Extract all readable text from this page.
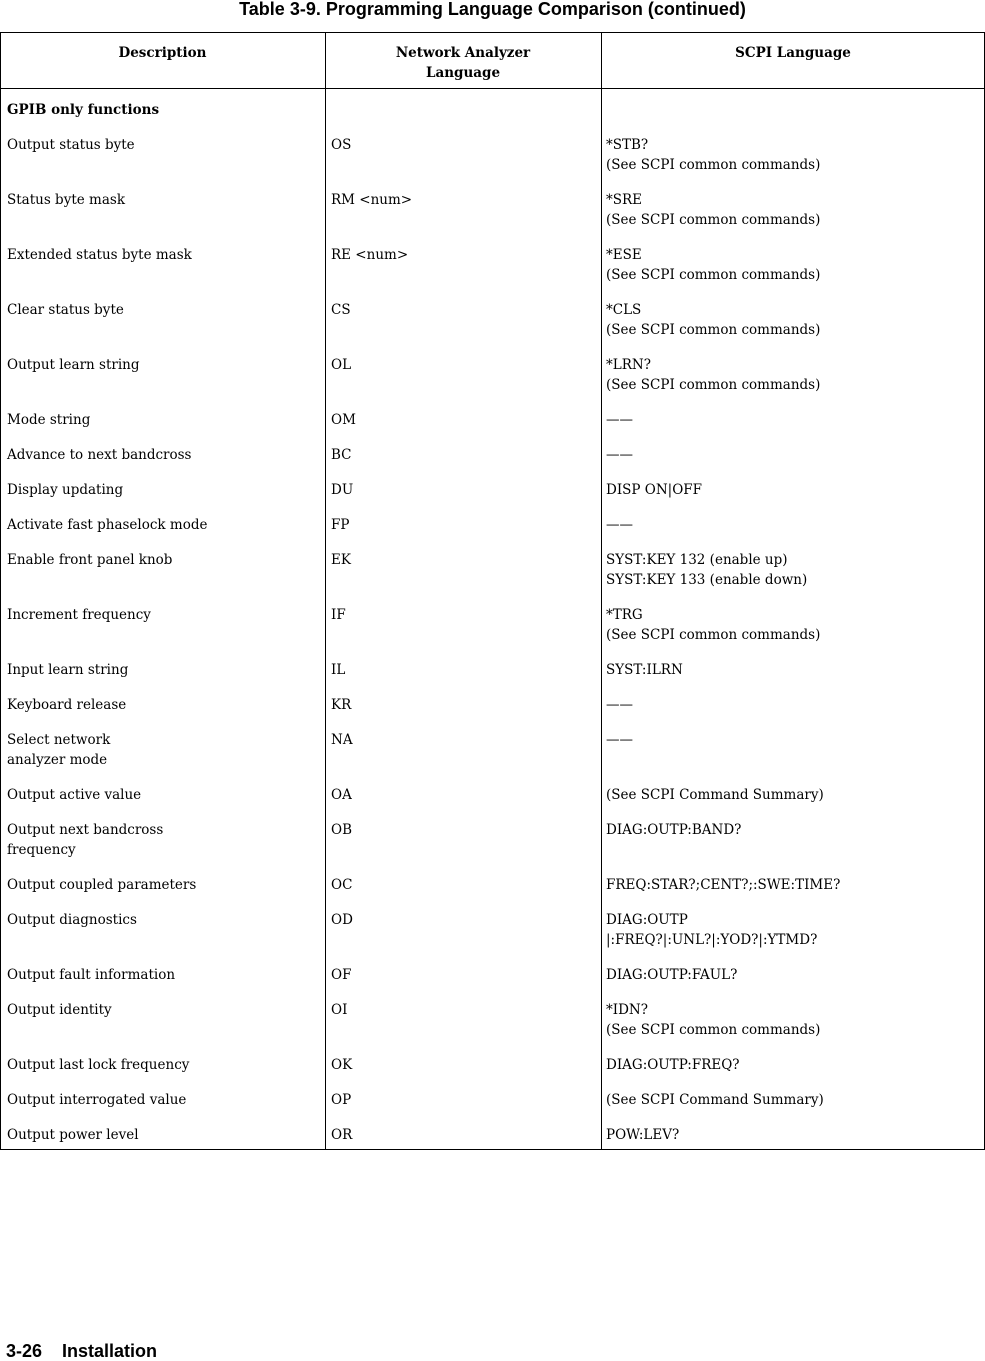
Table 3-9. Programming Language Comparison (continued)
Description	Network Analyzer
Language
SCPI Language
GPIB only functions
Output status byte	OS	*STB?
(See SCPI common commands)
Status byte mask	RM <num>	*SRE
(See SCPI common commands)
Extended status byte mask	RE <num>	*ESE
(See SCPI common commands)
Clear status byte	CS	*CLS
(See SCPI common commands)
Output learn string	OL	*LRN?
(See SCPI common commands)
Mode string	OM	——
Advance to next bandcross	BC	——
Display updating	DU	DISP ON|OFF
Activate fast phaselock mode	FP	——
Enable front panel knob	EK	SYST:KEY 132 (enable up)
SYST:KEY 133 (enable down)
Increment frequency	IF	*TRG
(See SCPI common commands)
Input learn string	IL	SYST:ILRN
Keyboard release	KR	——
Select network
analyzer mode
NA	——
Output active value	OA	(See SCPI Command Summary)
Output next bandcross
frequency
OB	DIAG:OUTP:BAND?
Output coupled parameters	OC	FREQ:STAR?;CENT?;:SWE:TIME?
Output diagnostics	OD	DIAG:OUTP
|:FREQ?|:UNL?|:YOD?|:YTMD?
Output fault information	OF	DIAG:OUTP:FAUL?
Output identity	OI	*IDN?
(See SCPI common commands)
Output last lock frequency	OK	DIAG:OUTP:FREQ?
Output interrogated value	OP	(See SCPI Command Summary)
Output power level	OR	POW:LEV?
3-26    Installation
